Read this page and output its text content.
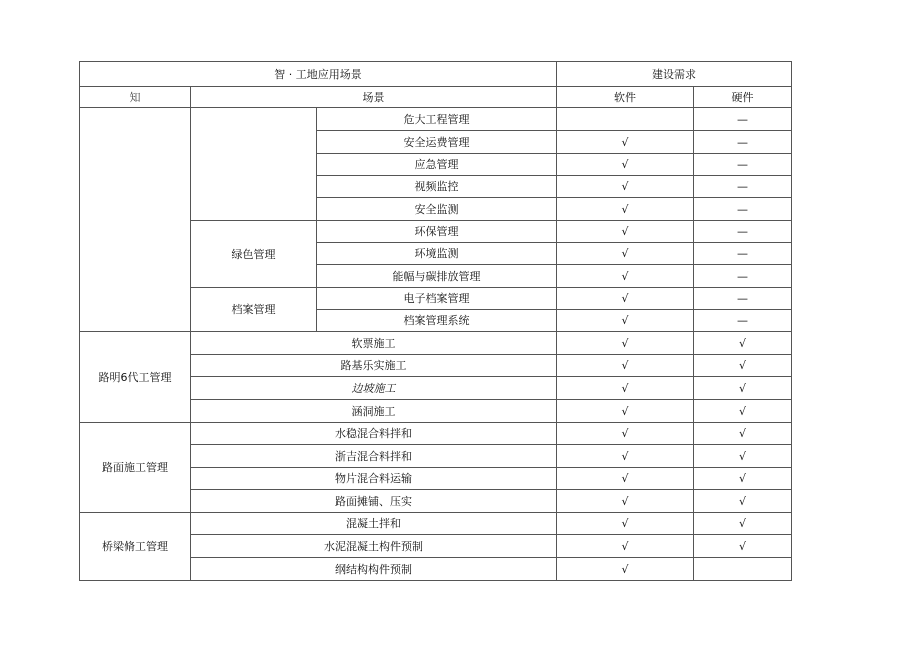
智 · 工地应用场景			建设需求	
知	场景		软件	硬件
		危大工程管理		—
		安全运费管理	√	—
		应急管理	√	—
		视频监控	√	—
		安全监测	√	—
	绿色管理	环保管理	√	—
		环境监测	√	—
		能幅与碳排放管理	√	—
	档案管理	电子档案管理	√	—
		档案管理系统	√	—
路明6代工管理	软票施工		√	√
	路基乐实施工		√	√
	边坡施工		√	√
	涵洞施工		√	√
路面施工管理	水稳混合料拌和		√	√
	浙吉混合料拌和		√	√
	物片混合料运输		√	√
	路面摊铺、压实		√	√
桥梁脩工管理	混凝土拌和		√	√
	水泥混凝土构件预制		√	√
	纲结构构件预制		√	
